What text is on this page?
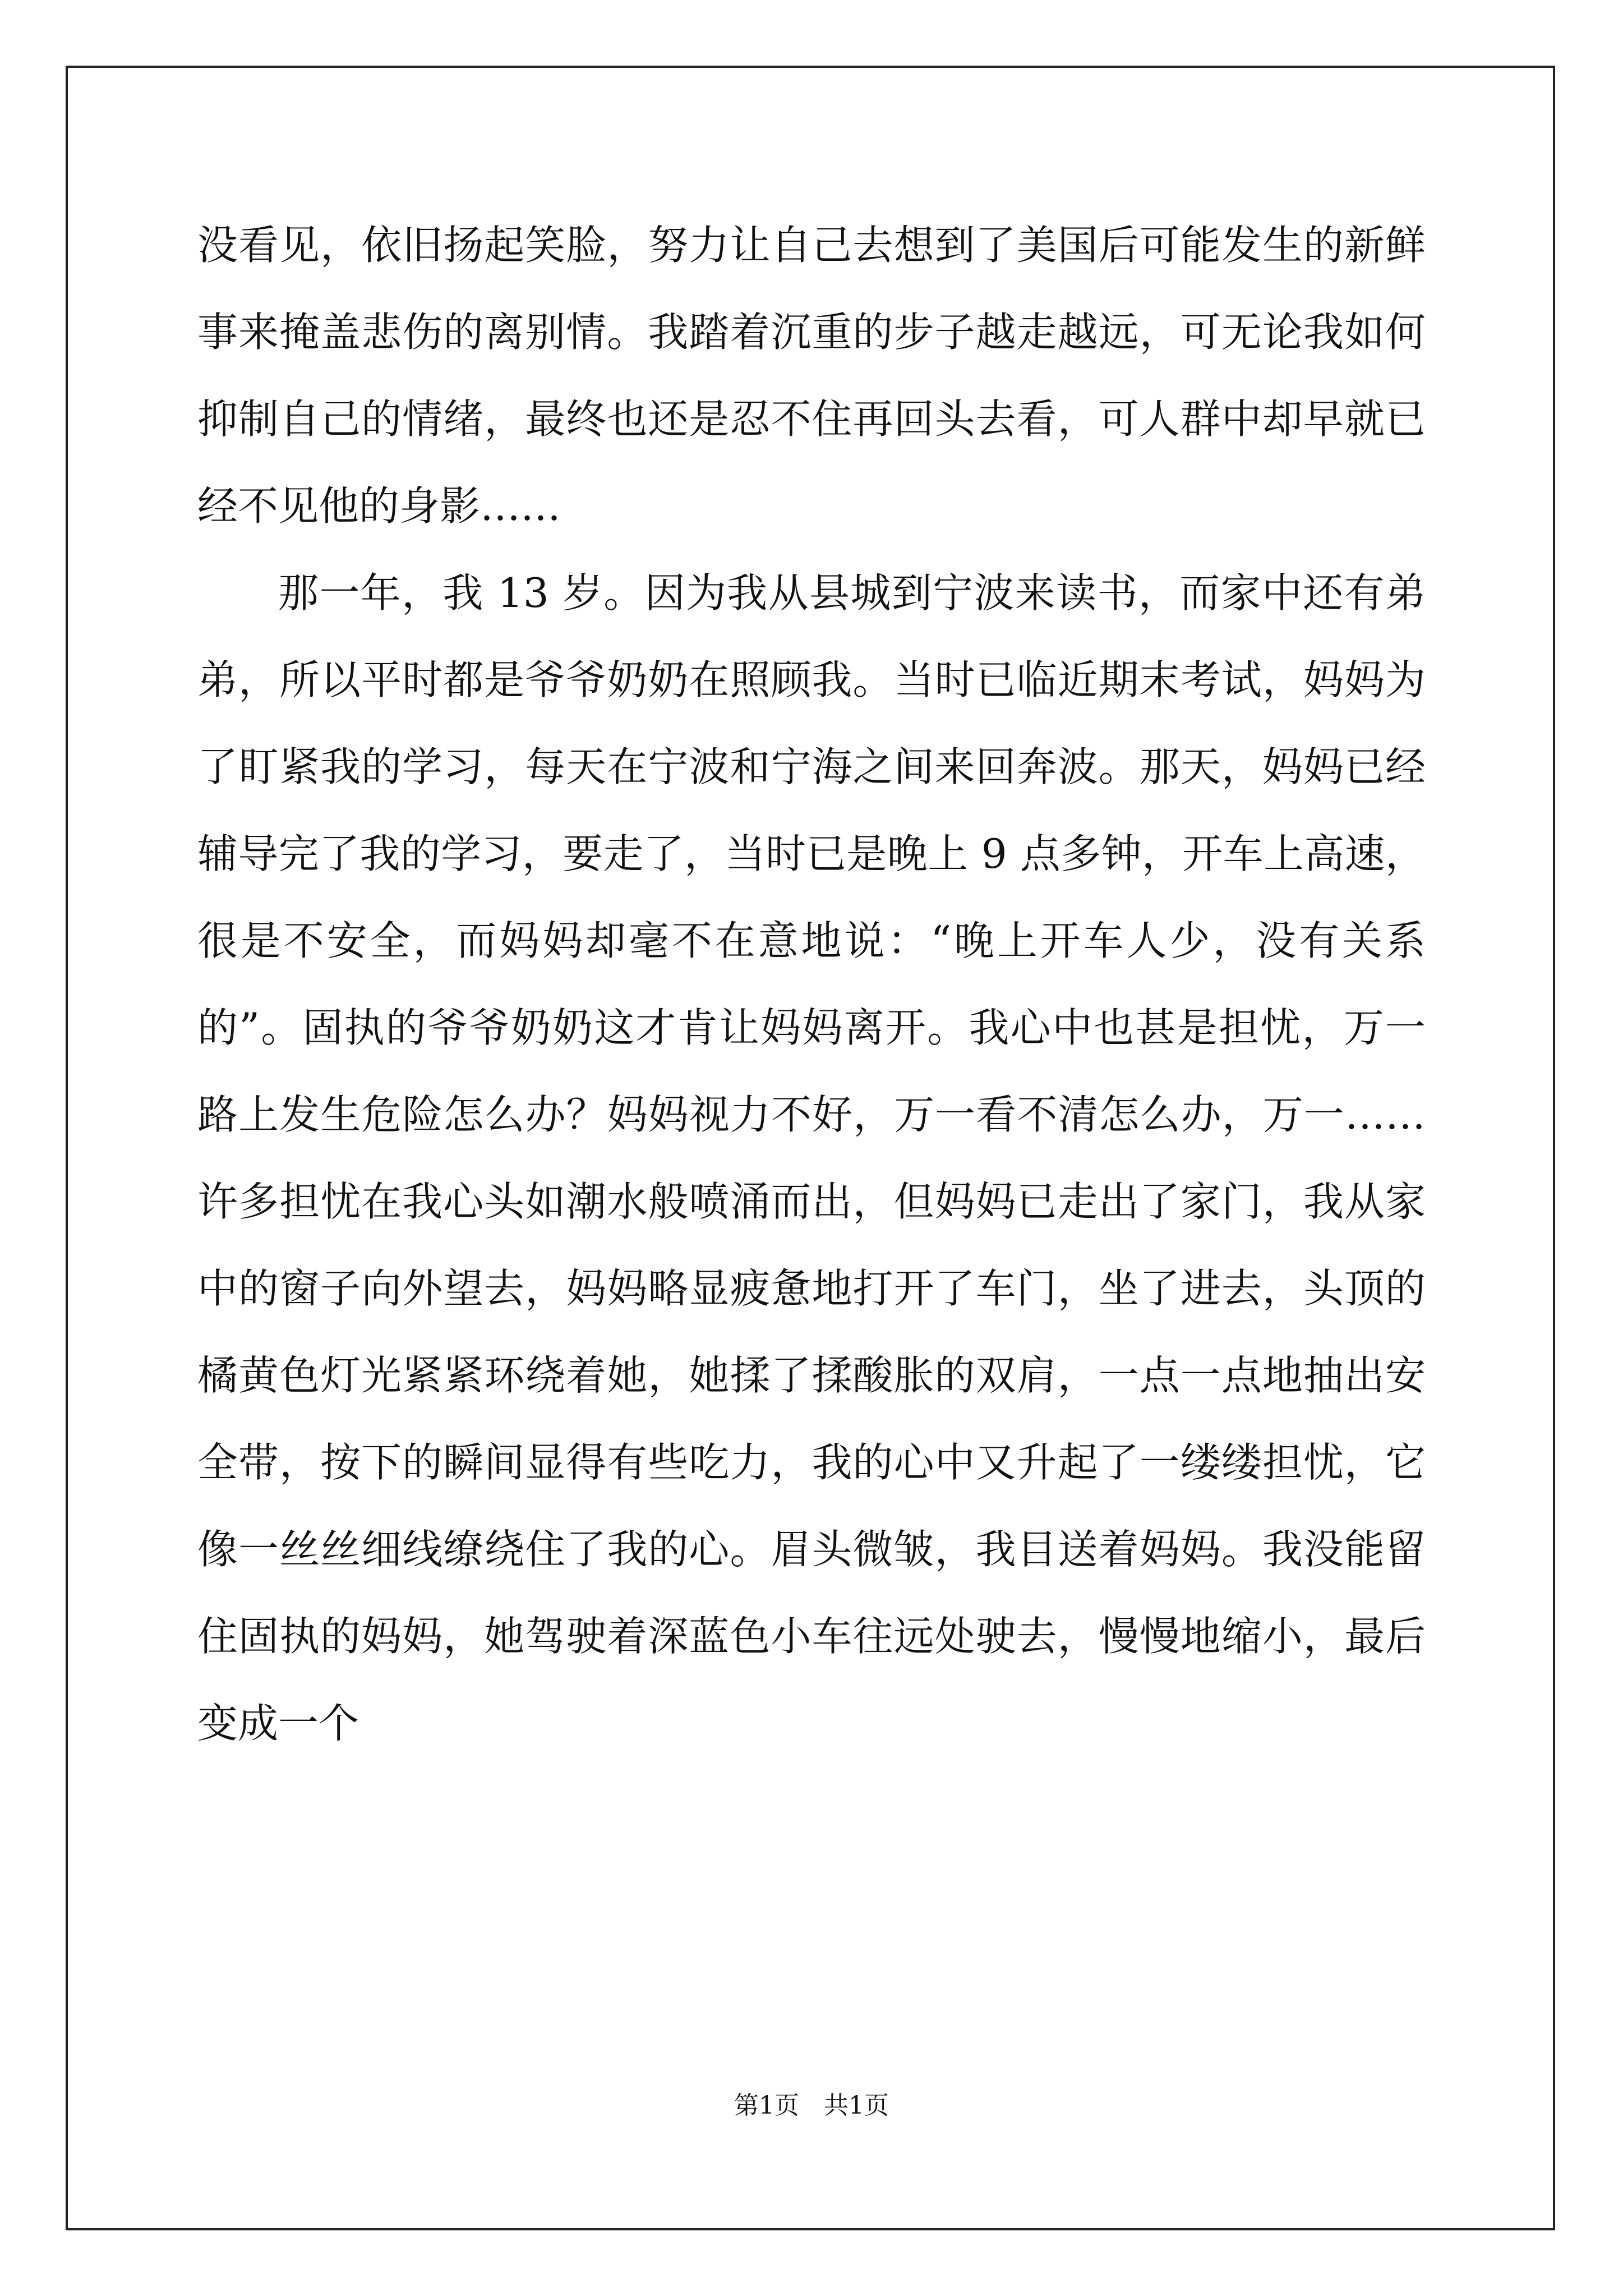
没看见，依旧扬起笑脸，努力让自己去想到了美国后可能发生的新鲜事来掩盖悲伤的离别情。我踏着沉重的步子越走越远，可无论我如何抑制自己的情绪，最终也还是忍不住再回头去看，可人群中却早就已经不见他的身影……

那一年，我 13 岁。因为我从县城到宁波来读书，而家中还有弟弟，所以平时都是爷爷奶奶在照顾我。当时已临近期末考试，妈妈为了盯紧我的学习，每天在宁波和宁海之间来回奔波。那天，妈妈已经辅导完了我的学习，要走了，当时已是晚上 9 点多钟，开车上高速，很是不安全，而妈妈却毫不在意地说：“晚上开车人少，没有关系的”。固执的爷爷奶奶这才肯让妈妈离开。我心中也甚是担忧，万一路上发生危险怎么办？妈妈视力不好，万一看不清怎么办，万一……许多担忧在我心头如潮水般喷涌而出，但妈妈已走出了家门，我从家中的窗子向外望去，妈妈略显疲惫地打开了车门，坐了进去，头顶的橘黄色灯光紧紧环绕着她，她揉了揉酸胀的双肩，一点一点地抽出安全带，按下的瞬间显得有些吃力，我的心中又升起了一缕缕担忧，它像一丝丝细线缭绕住了我的心。眉头微皱，我目送着妈妈。我没能留住固执的妈妈，她驾驶着深蓝色小车往远处驶去，慢慢地缩小，最后变成一个

第1页 共1页
